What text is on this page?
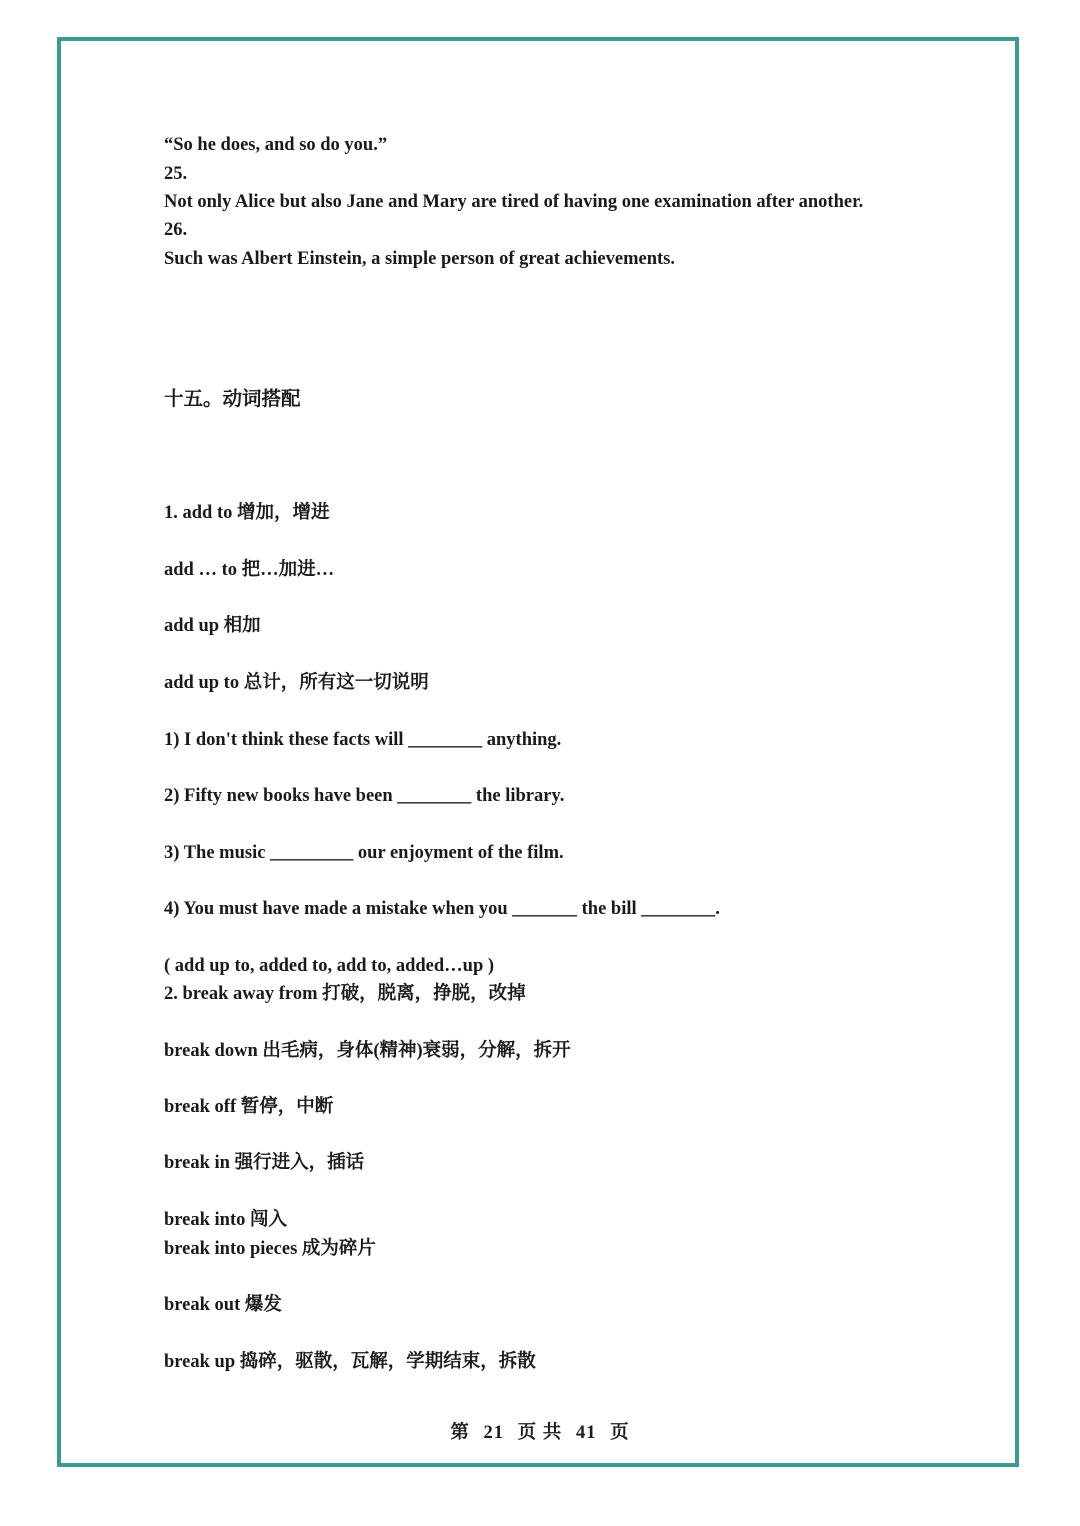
“So he does, and so do you.”
25.
Not only Alice but also Jane and Mary are tired of having one examination after another.
26.
Such was Albert Einstein, a simple person of great achievements.
十五。动词搭配
1. add to 增加，增进
add … to 把…加进…
add up 相加
add up to 总计，所有这一切说明
1) I don't think these facts will ________ anything.
2) Fifty new books have been ________ the library.
3) The music _________ our enjoyment of the film.
4) You must have made a mistake when you _______ the bill ________.
( add up to, added to, add to, added…up )
2. break away from 打破，脱离，挣脱，改掉
break down 出毛病，身体(精神)衰弱，分解，拆开
break off 暂停，中断
break in 强行进入，插话
break into 闯入
break into pieces 成为碎片
break out 爆发
break up 捣碎，驱散，瓦解，学期结束，拆散
第 21 页 共 41 页
